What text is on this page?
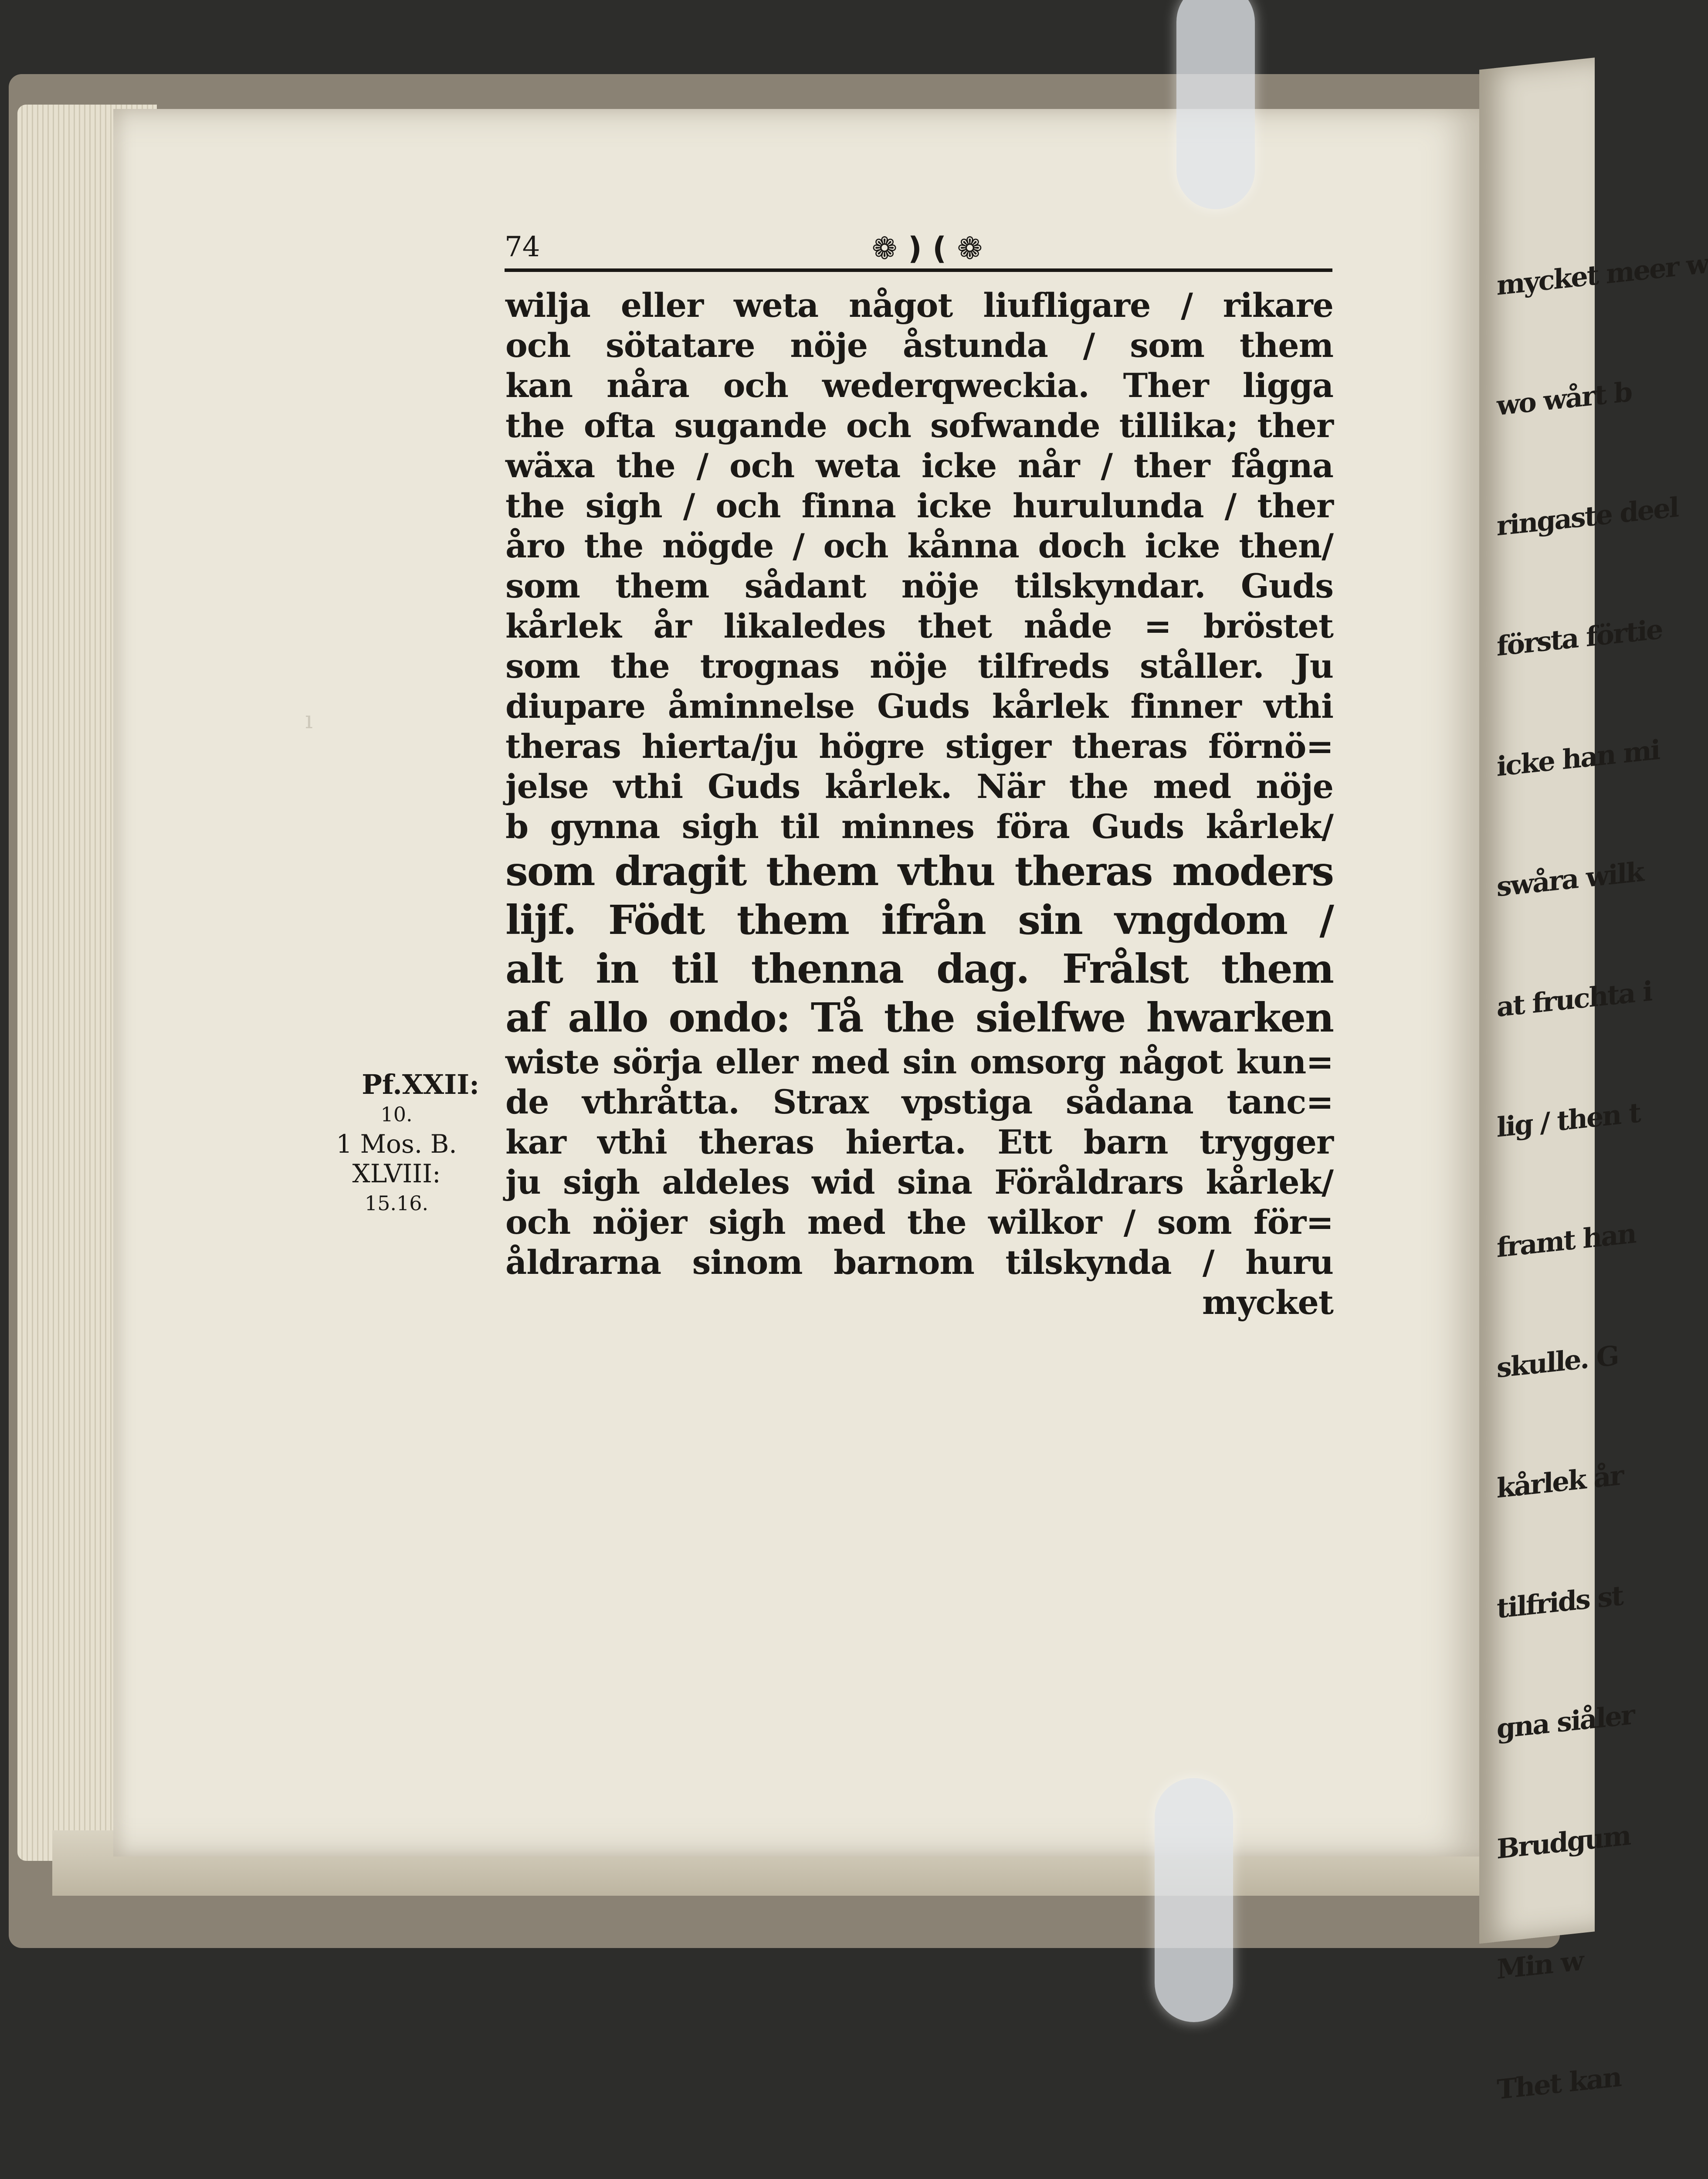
ı
74	❁ ) ( ❁
wilja eller weta något liufligare / rikare
och sötatare nöje åstunda / som them
kan nåra och wederqweckia. Ther ligga
the ofta sugande och sofwande tillika; ther
wäxa the / och weta icke når / ther fågna
the sigh / och finna icke hurulunda / ther
åro the nögde / och kånna doch icke then/
som them sådant nöje tilskyndar. Guds
kårlek år likaledes thet nåde = bröstet
som the trognas nöje tilfreds ståller. Ju
diupare åminnelse Guds kårlek finner vthi
theras hierta/ju högre stiger theras förnö=
jelse vthi Guds kårlek. När the med nöje
b gynna sigh til minnes föra Guds kårlek/
som dragit them vthu theras moders
lijf. Födt them ifrån sin vngdom /
alt in til thenna dag. Frålst them
af allo ondo: Tå the sielfwe hwarken
wiste sörja eller med sin omsorg något kun=
de vthråtta. Strax vpstiga sådana tanc=
kar vthi theras hierta. Ett barn trygger
ju sigh aldeles wid sina Föråldrars kårlek/
och nöjer sigh med the wilkor / som för=
åldrarna sinom barnom tilskynda / huru
mycket
Pf.XXII:
10.
1 Mos. B.
XLVIII:
15.16.

mycket meer w

wo wårt b

ringaste deel

första förtie

icke han mi

swåra wilk

at fruchta i

lig / then t

framt han

skulle. G

kårlek år

tilfrids st

gna siåler

Brudgum

Min w

Thet kan
